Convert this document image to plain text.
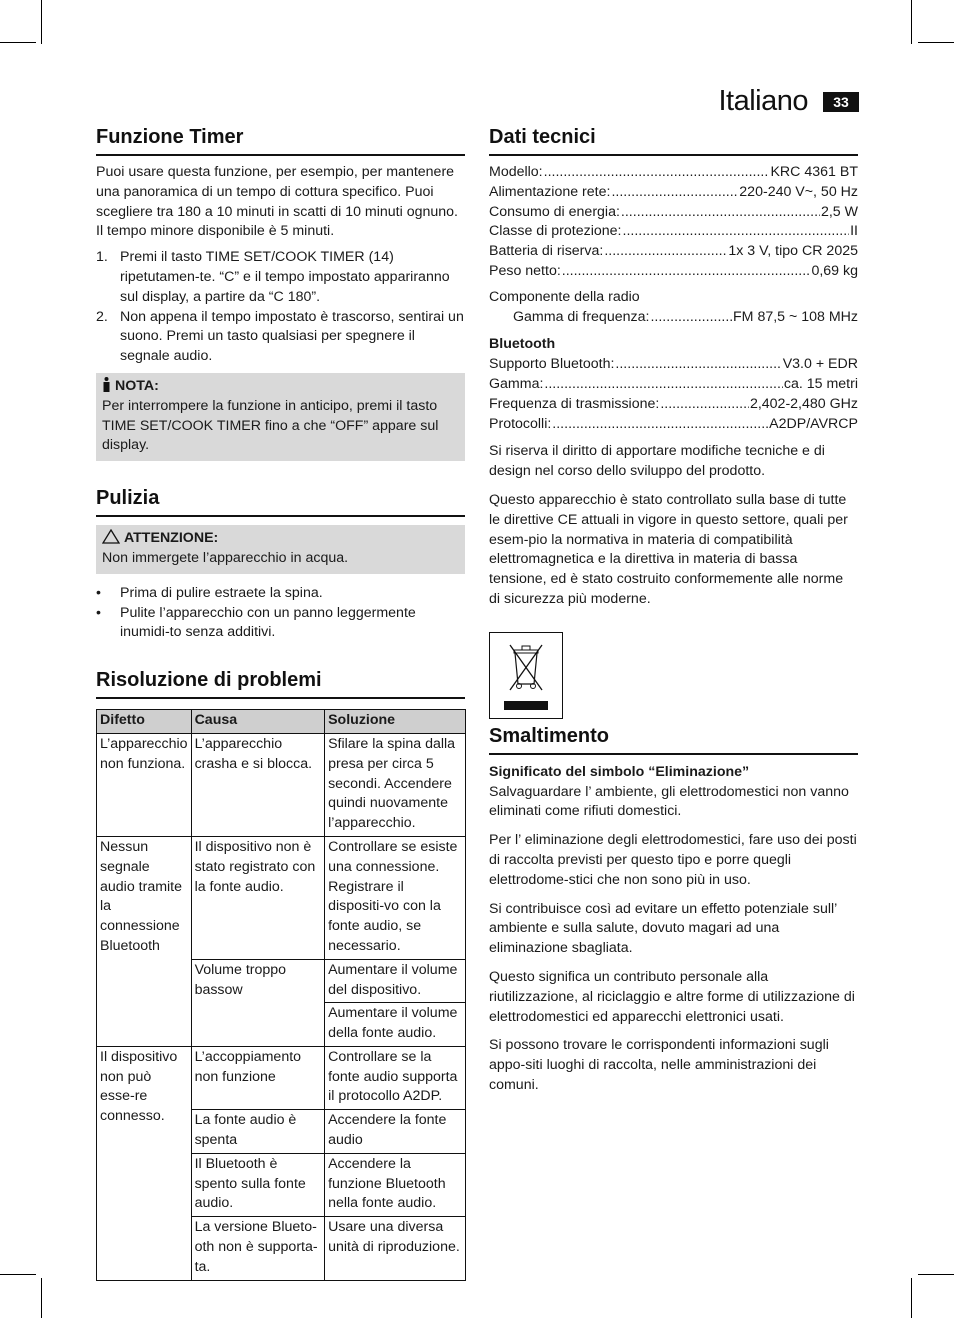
Italiano	33
Funzione Timer

Puoi usare questa funzione, per esempio, per mantenere una panoramica di un tempo di cottura specifico. Puoi scegliere tra 180 a 10 minuti in scatti di 10 minuti ognuno. Il tempo minore disponibile è 5 minuti.

1. Premi il tasto TIME SET/COOK TIMER (14) ripetutamen-te. “C” e il tempo impostato appariranno sul display, a partire da “C 180”.
2. Non appena il tempo impostato è trascorso, sentirai un suono. Premi un tasto qualsiasi per spegnere il segnale audio.
NOTA:
Per interrompere la funzione in anticipo, premi il tasto TIME SET/COOK TIMER fino a che “OFF” appare sul display.
Pulizia
ATTENZIONE:
Non immergete l’apparecchio in acqua.
• Prima di pulire estraete la spina.
• Pulite l’apparecchio con un panno leggermente inumidi-to senza additivi.
Risoluzione di problemi
Difetto	Causa	Soluzione
L’apparecchio non funziona.	L’apparecchio crasha e si blocca.	Sfilare la spina dalla presa per circa 5 secondi. Accendere quindi nuovamente l’apparecchio.
Nessun segnale audio tramite la connessione Bluetooth	Il dispositivo non è stato registrato con la fonte audio.	Controllare se esiste una connessione. Registrare il dispositi-vo con la fonte audio, se necessario.
	Volume troppo bassow	Aumentare il volume del dispositivo.
		Aumentare il volume della fonte audio.
Il dispositivo non può esse-re connesso.	L’accoppiamento non funzione	Controllare se la fonte audio supporta il protocollo A2DP.
	La fonte audio è spenta	Accendere la fonte audio
	Il Bluetooth è spento sulla fonte audio.	Accendere la funzione Bluetooth nella fonte audio.
	La versione Blueto-oth non è supporta-ta.	Usare una diversa unità di riproduzione.
Dati tecnici
Modello: .....	KRC 4361 BT
Alimentazione rete: .....	220-240 V~, 50 Hz
Consumo di energia: .....	2,5 W
Classe di protezione: .....	II
Batteria di riserva: .....	1x 3 V, tipo CR 2025
Peso netto: .....	0,69 kg

Componente della radio

Gamma di frequenza: .....	FM 87,5 ~ 108 MHz

Bluetooth

Supporto Bluetooth: .....	V3.0 + EDR
Gamma: .....	ca. 15 metri
Frequenza di trasmissione: .....	2,402-2,480 GHz
Protocolli: .....	A2DP/AVRCP

Si riserva il diritto di apportare modifiche tecniche e di design nel corso dello sviluppo del prodotto.

Questo apparecchio è stato controllato sulla base di tutte le direttive CE attuali in vigore in questo settore, quali per esem-pio la normativa in materia di compatibilità elettromagnetica e la direttiva in materia di bassa tensione, ed è stato costruito conformemente alle norme di sicurezza più moderne.

Smaltimento

Significato del simbolo “Eliminazione”

Salvaguardare l’ ambiente, gli elettrodomestici non vanno eliminati come rifiuti domestici.

Per l’ eliminazione degli elettrodomestici, fare uso dei posti di raccolta previsti per questo tipo e porre quegli elettrodome-stici che non sono più in uso.

Si contribuisce così ad evitare un effetto potenziale sull’ ambiente e sulla salute, dovuto magari ad una eliminazione sbagliata.

Questo significa un contributo personale alla riutilizzazione, al riciclaggio e altre forme di utilizzazione di elettrodomestici ed apparecchi elettronici usati.

Si possono trovare le corrispondenti informazioni sugli appo-siti luoghi di raccolta, nelle amministrazioni dei comuni.
